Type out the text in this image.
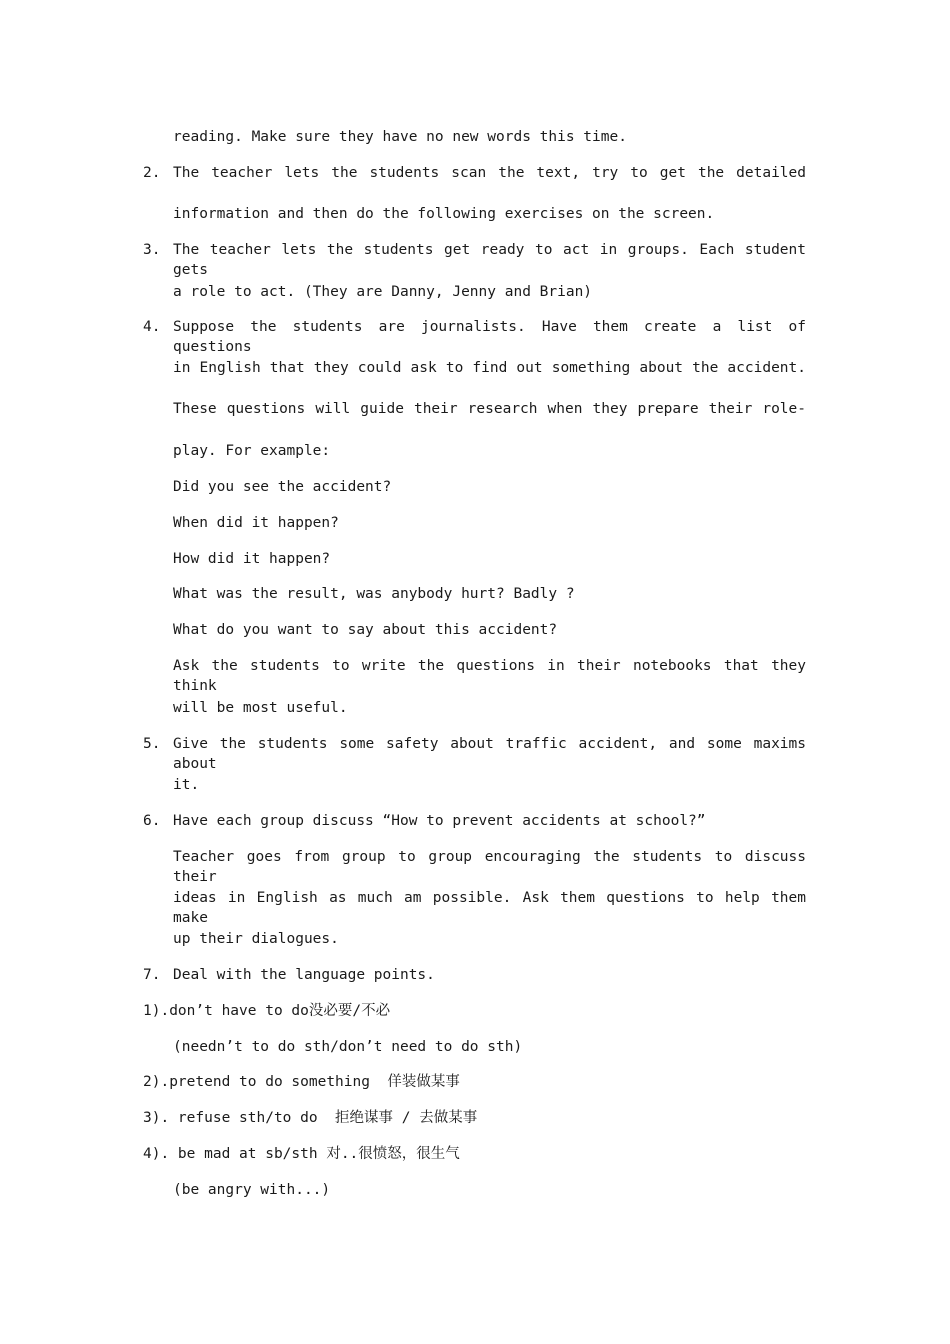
reading. Make sure they have no new words this time.
2. The teacher lets the students scan the text, try to get the detailed
information and then do the following exercises on the screen.
3. The teacher lets the students get ready to act in groups. Each student gets
a role to act. (They are Danny, Jenny and Brian)
4. Suppose the students are journalists. Have them create a list of questions
in English that they could ask to find out something about the accident.
These questions will guide their research when they prepare their role-
play. For example:
Did you see the accident?
When did it happen?
How did it happen?
What was the result, was anybody hurt? Badly ?
What do you want to say about this accident?
Ask the students to write the questions in their notebooks that they think
will be most useful.
5. Give the students some safety about traffic accident, and some maxims about
it.
6. Have each group discuss “How to prevent accidents at school?”
Teacher goes from group to group encouraging the students to discuss their
ideas in English as much am possible. Ask them questions to help them make
up their dialogues.
7. Deal with the language points.
1).don’t have to do没必要/不必
(needn’t to do sth/don’t need to do sth)
2).pretend to do something  佯装做某事
3). refuse sth/to do  拒绝谋事 / 去做某事
4). be mad at sb/sth 对..很愤怒，很生气
(be angry with...)
